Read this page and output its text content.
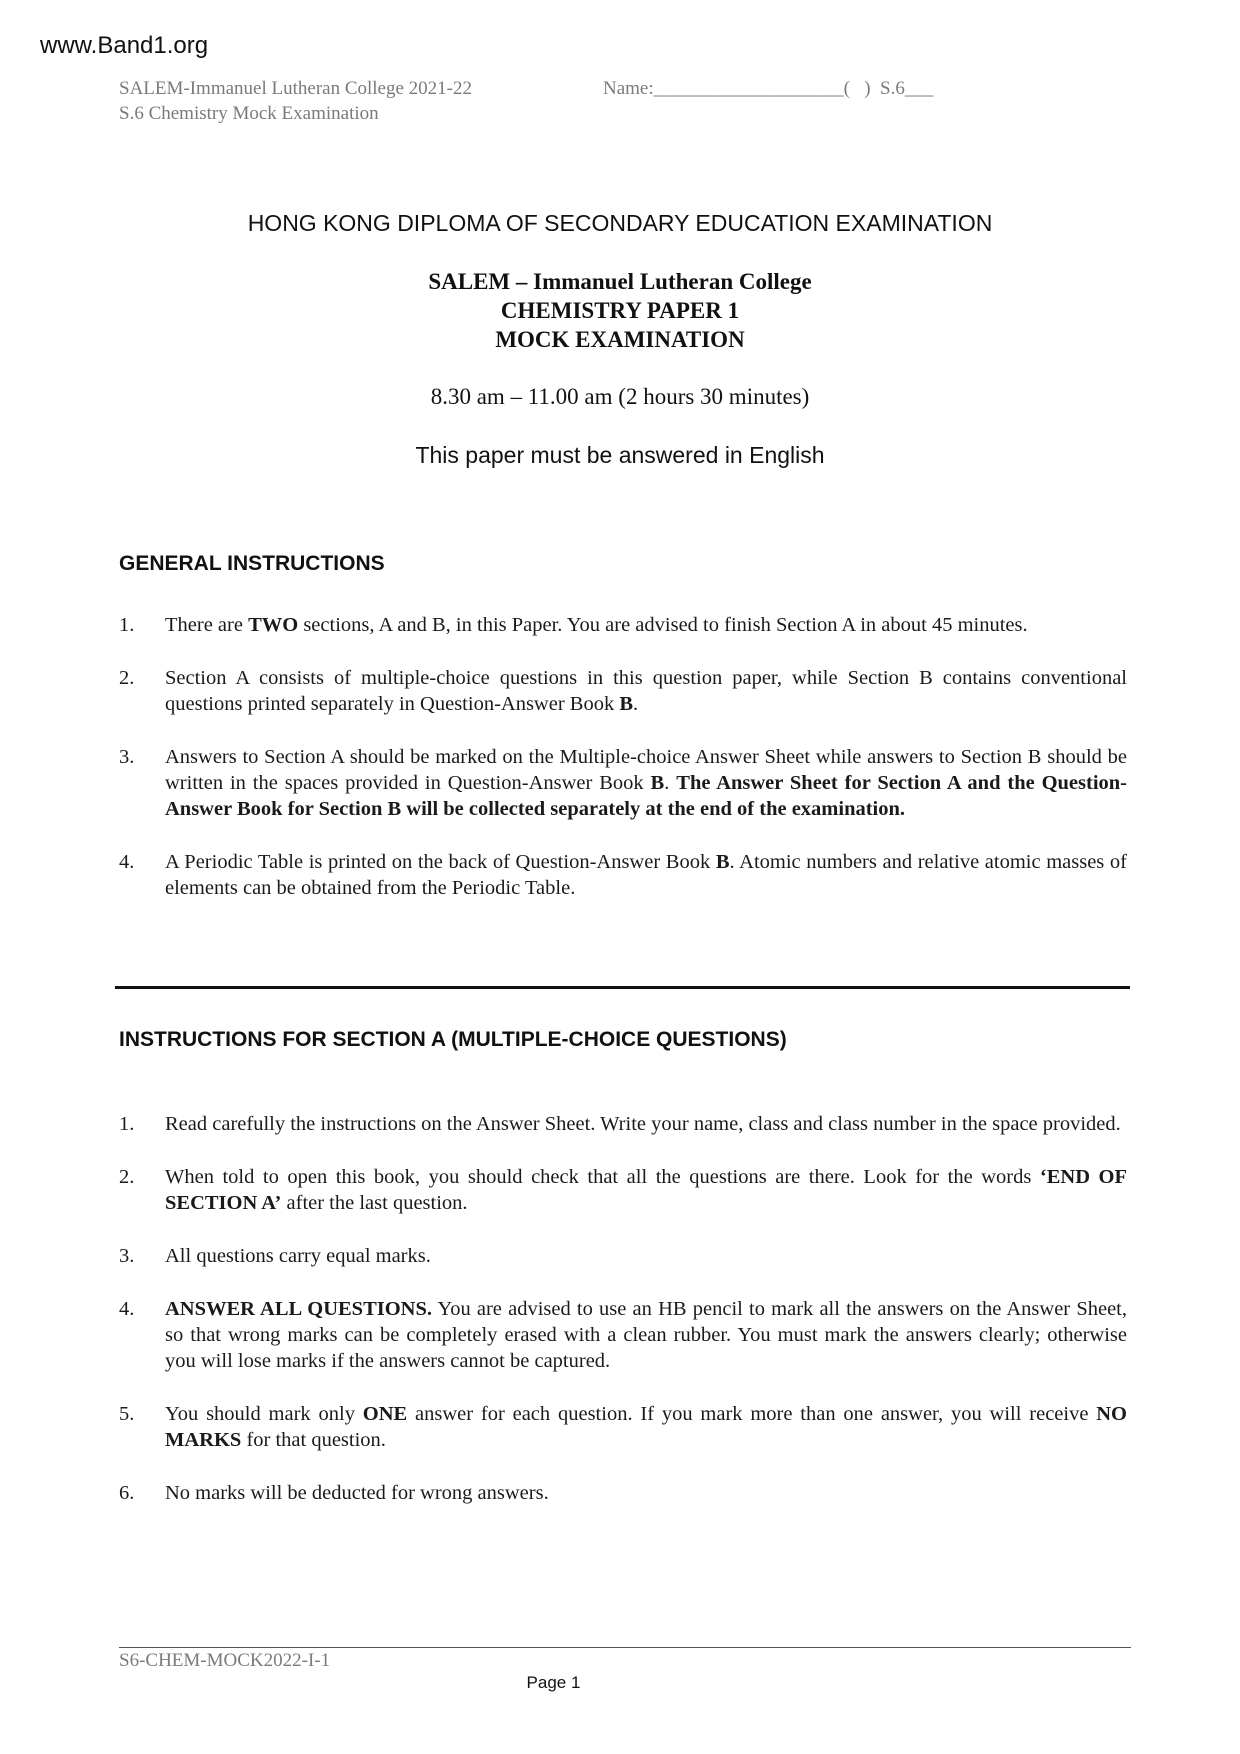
www.Band1.org
SALEM-Immanuel Lutheran College 2021-22
S.6 Chemistry Mock Examination
Name:____________________(   )  S.6___
HONG KONG DIPLOMA OF SECONDARY EDUCATION EXAMINATION
SALEM – Immanuel Lutheran College
CHEMISTRY PAPER 1
MOCK EXAMINATION
8.30 am – 11.00 am (2 hours 30 minutes)
This paper must be answered in English
GENERAL INSTRUCTIONS
1. There are TWO sections, A and B, in this Paper. You are advised to finish Section A in about 45 minutes.
2. Section A consists of multiple-choice questions in this question paper, while Section B contains conventional questions printed separately in Question-Answer Book B.
3. Answers to Section A should be marked on the Multiple-choice Answer Sheet while answers to Section B should be written in the spaces provided in Question-Answer Book B. The Answer Sheet for Section A and the Question-Answer Book for Section B will be collected separately at the end of the examination.
4. A Periodic Table is printed on the back of Question-Answer Book B. Atomic numbers and relative atomic masses of elements can be obtained from the Periodic Table.
INSTRUCTIONS FOR SECTION A (MULTIPLE-CHOICE QUESTIONS)
1. Read carefully the instructions on the Answer Sheet. Write your name, class and class number in the space provided.
2. When told to open this book, you should check that all the questions are there. Look for the words ‘END OF SECTION A’ after the last question.
3. All questions carry equal marks.
4. ANSWER ALL QUESTIONS. You are advised to use an HB pencil to mark all the answers on the Answer Sheet, so that wrong marks can be completely erased with a clean rubber. You must mark the answers clearly; otherwise you will lose marks if the answers cannot be captured.
5. You should mark only ONE answer for each question. If you mark more than one answer, you will receive NO MARKS for that question.
6. No marks will be deducted for wrong answers.
S6-CHEM-MOCK2022-I-1
Page 1
